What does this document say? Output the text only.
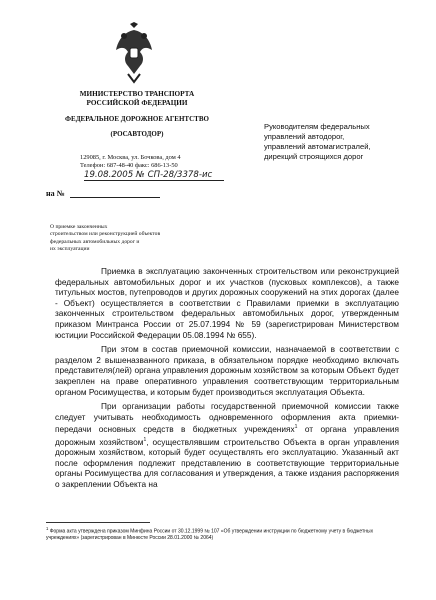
МИНИСТЕРСТВО ТРАНСПОРТА
РОССИЙСКОЙ ФЕДЕРАЦИИ
ФЕДЕРАЛЬНОЕ ДОРОЖНОЕ АГЕНТСТВО
(РОСАВТОДОР)
Руководителям федеральных
управлений автодорог,
управлений автомагистралей,
дирекций строящихся дорог
129085, г. Москва, ул. Бочкова, дом 4
Телефон: 687-48-40 факс: 686-13-50
19.08.2005 № СП-28/3378-ис
на №
О приемке законченных
строительством или реконструкцией объектов
федеральных автомобильных дорог и
их эксплуатации

Приемка в эксплуатацию законченных строительством или реконструкцией федеральных автомобильных дорог и их участков (пусковых комплексов), а также титульных мостов, путепроводов и других дорожных сооружений на этих дорогах (далее - Объект) осуществляется в соответствии с Правилами приемки в эксплуатацию законченных строительством федеральных автомобильных дорог, утвержденным приказом Минтранса России от 25.07.1994 № 59 (зарегистрирован Министерством юстиции Российской Федерации 05.08.1994 № 655).

При этом в состав приемочной комиссии, назначаемой в соответствии с разделом 2 вышеназванного приказа, в обязательном порядке необходимо включать представителя(лей) органа управления дорожным хозяйством за которым Объект будет закреплен на праве оперативного управления соответствующим территориальным органом Росимущества, и которым будет производиться эксплуатация Объекта.

При организации работы государственной приемочной комиссии также следует учитывать необходимость одновременного оформления акта приемки-передачи основных средств в бюджетных учреждениях$^1$ от органа управления дорожным хозяйством$^1$, осуществлявшим строительство Объекта в орган управления дорожным хозяйством, который будет осуществлять его эксплуатацию. Указанный акт после оформления подлежит представлению в соответствующие территориальные органы Росимущества для согласования и утверждения, а также издания распоряжения о закреплении Объекта на

$^1$ Форма акта утверждена приказом Минфина России от 30.12.1999 № 107 «Об утверждении инструкции по бюджетному учету в бюджетных учреждениях» (зарегистрирован в Минюсте России 28.01.2000 № 2064)
